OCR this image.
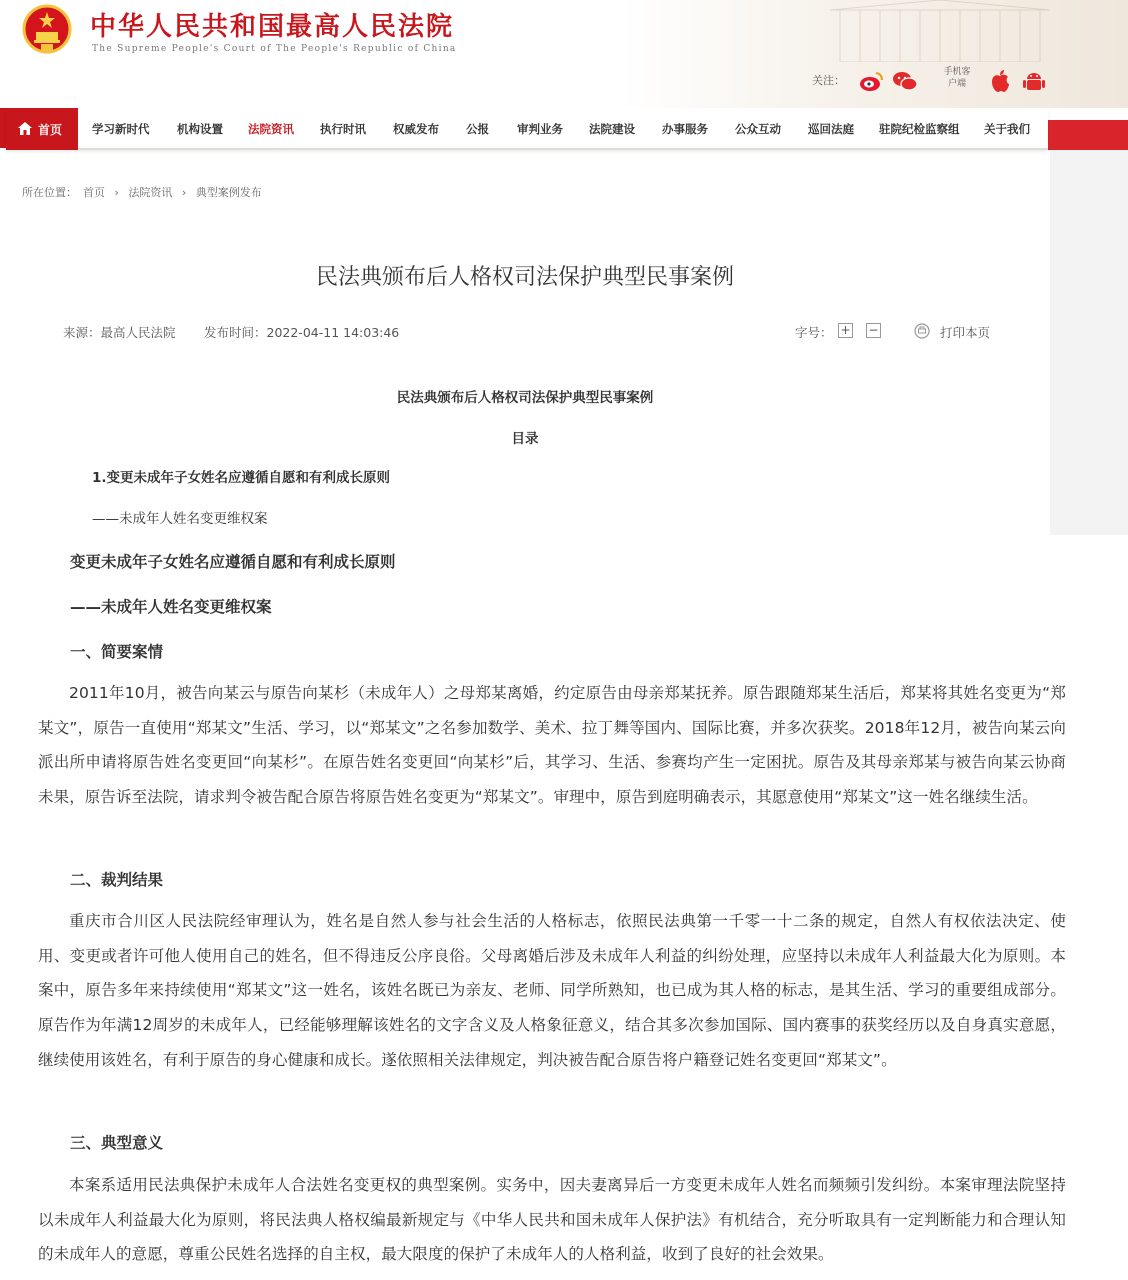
中华人民共和国最高人民法院
The Supreme People's Court of The People's Republic of China
关注：
手机客户端
首页	学习新时代 机构设置 法院资讯 执行时讯 权威发布 公报 审判业务 法院建设 办事服务 公众互动 巡回法庭 驻院纪检监察组 关于我们
所在位置： 首页 › 法院资讯 › 典型案例发布
民法典颁布后人格权司法保护典型民事案例
来源：最高人民法院 发布时间：2022-04-11 14:03:46	字号： + −	打印本页
民法典颁布后人格权司法保护典型民事案例
目录
1.变更未成年子女姓名应遵循自愿和有利成长原则
——未成年人姓名变更维权案
变更未成年子女姓名应遵循自愿和有利成长原则
——未成年人姓名变更维权案
一、简要案情
2011年10月，被告向某云与原告向某杉（未成年人）之母郑某离婚，约定原告由母亲郑某抚养。原告跟随郑某生活后，郑某将其姓名变更为“郑某文”，原告一直使用“郑某文”生活、学习，以“郑某文”之名参加数学、美术、拉丁舞等国内、国际比赛，并多次获奖。2018年12月，被告向某云向派出所申请将原告姓名变更回“向某杉”。在原告姓名变更回“向某杉”后，其学习、生活、参赛均产生一定困扰。原告及其母亲郑某与被告向某云协商未果，原告诉至法院，请求判令被告配合原告将原告姓名变更为“郑某文”。审理中，原告到庭明确表示，其愿意使用“郑某文”这一姓名继续生活。
二、裁判结果
重庆市合川区人民法院经审理认为，姓名是自然人参与社会生活的人格标志，依照民法典第一千零一十二条的规定，自然人有权依法决定、使用、变更或者许可他人使用自己的姓名，但不得违反公序良俗。父母离婚后涉及未成年人利益的纠纷处理，应坚持以未成年人利益最大化为原则。本案中，原告多年来持续使用“郑某文”这一姓名，该姓名既已为亲友、老师、同学所熟知，也已成为其人格的标志，是其生活、学习的重要组成部分。原告作为年满12周岁的未成年人，已经能够理解该姓名的文字含义及人格象征意义，结合其多次参加国际、国内赛事的获奖经历以及自身真实意愿，继续使用该姓名，有利于原告的身心健康和成长。遂依照相关法律规定，判决被告配合原告将户籍登记姓名变更回“郑某文”。
三、典型意义
本案系适用民法典保护未成年人合法姓名变更权的典型案例。实务中，因夫妻离异后一方变更未成年人姓名而频频引发纠纷。本案审理法院坚持以未成年人利益最大化为原则，将民法典人格权编最新规定与《中华人民共和国未成年人保护法》有机结合，充分听取具有一定判断能力和合理认知的未成年人的意愿，尊重公民姓名选择的自主权，最大限度的保护了未成年人的人格利益，收到了良好的社会效果。
